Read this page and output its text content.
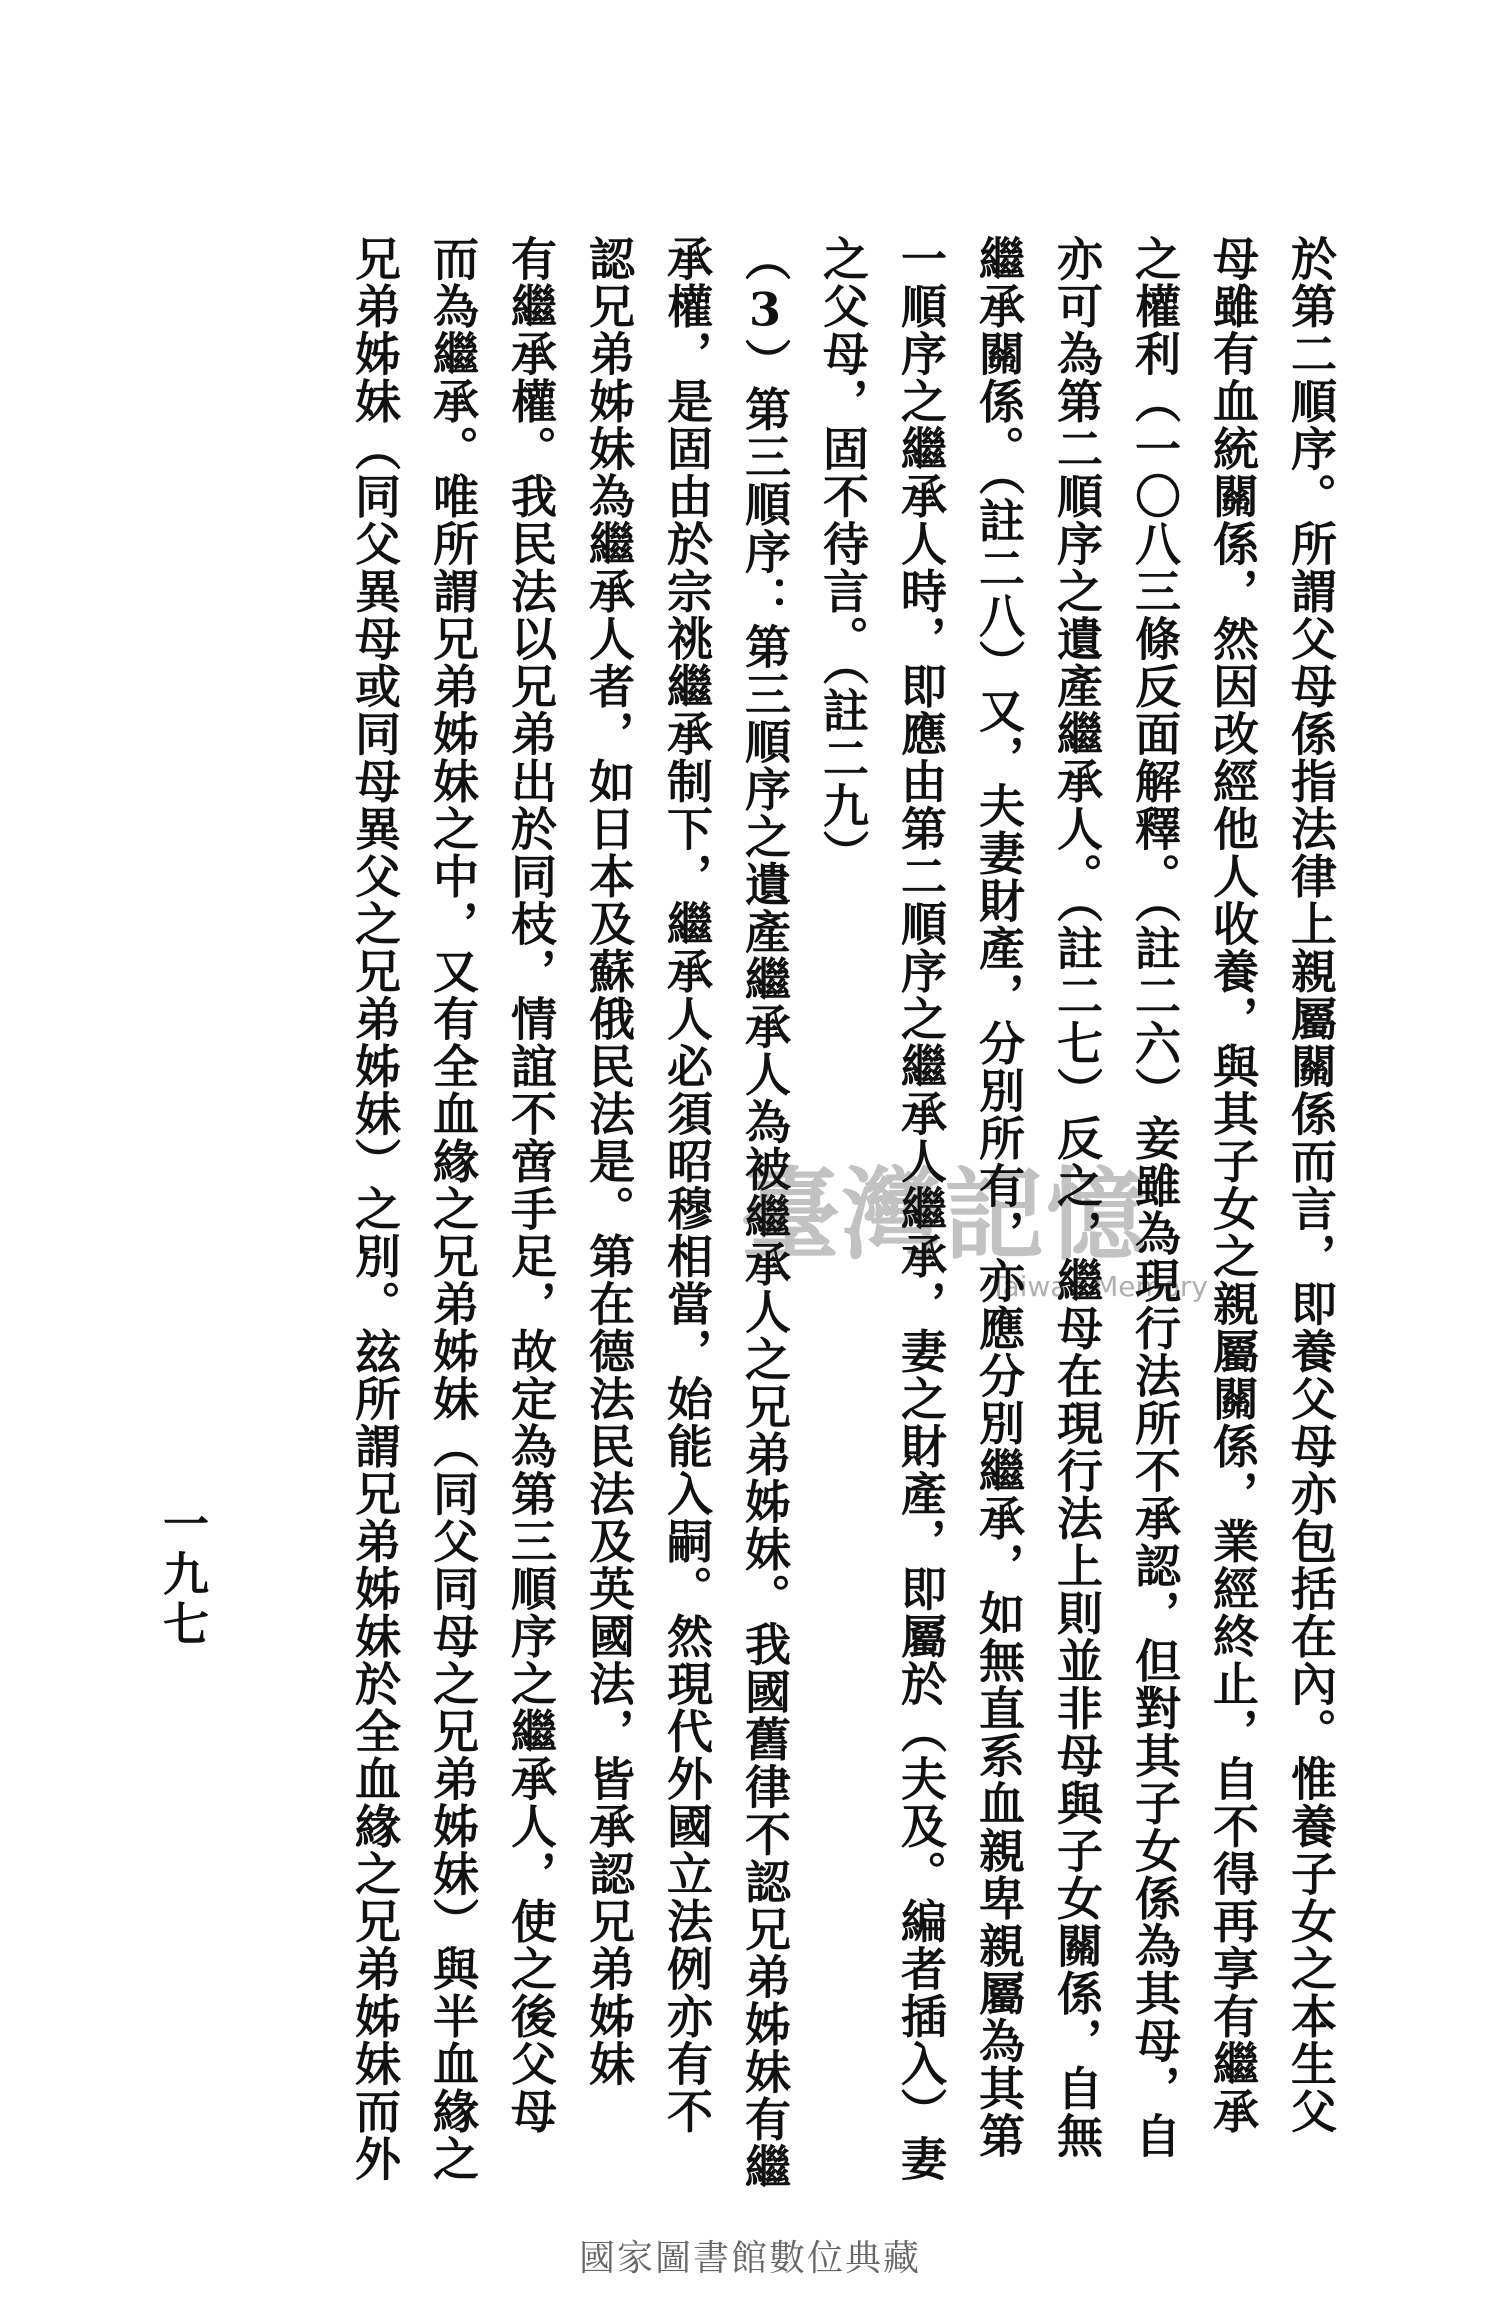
臺灣記憶
Taiwan Memory 於第二順序。所謂父母係指法律上親屬關係而言，即養父母亦包括在內。惟養子女之本生父
母雖有血統關係，然因改經他人收養，與其子女之親屬關係，業經終止，自不得再享有繼承
之權利（一〇八三條反面解釋。（註二六）妾雖為現行法所不承認，但對其子女係為其母，自
亦可為第二順序之遺產繼承人。（註二七）反之，繼母在現行法上則並非母與子女關係，自無
繼承關係。（註二八）又，夫妻財產，分別所有，亦應分別繼承，如無直系血親卑親屬為其第
一順序之繼承人時，即應由第二順序之繼承人繼承，妻之財產，即屬於（夫及。編者插入）妻
之父母，固不待言。（註二九）
（3）第三順序：第三順序之遺產繼承人為被繼承人之兄弟姊妹。我國舊律不認兄弟姊妹有繼
承權，是固由於宗祧繼承制下，繼承人必須昭穆相當，始能入嗣。然現代外國立法例亦有不
認兄弟姊妹為繼承人者，如日本及蘇俄民法是。第在德法民法及英國法，皆承認兄弟姊妹
有繼承權。我民法以兄弟出於同枝，情誼不啻手足，故定為第三順序之繼承人，使之後父母
而為繼承。唯所謂兄弟姊妹之中，又有全血緣之兄弟姊妹（同父同母之兄弟姊妹）與半血緣之
兄弟姊妹（同父異母或同母異父之兄弟姊妹）之別。玆所謂兄弟姊妹於全血緣之兄弟姊妹而外
一九七
國家圖書館數位典藏
